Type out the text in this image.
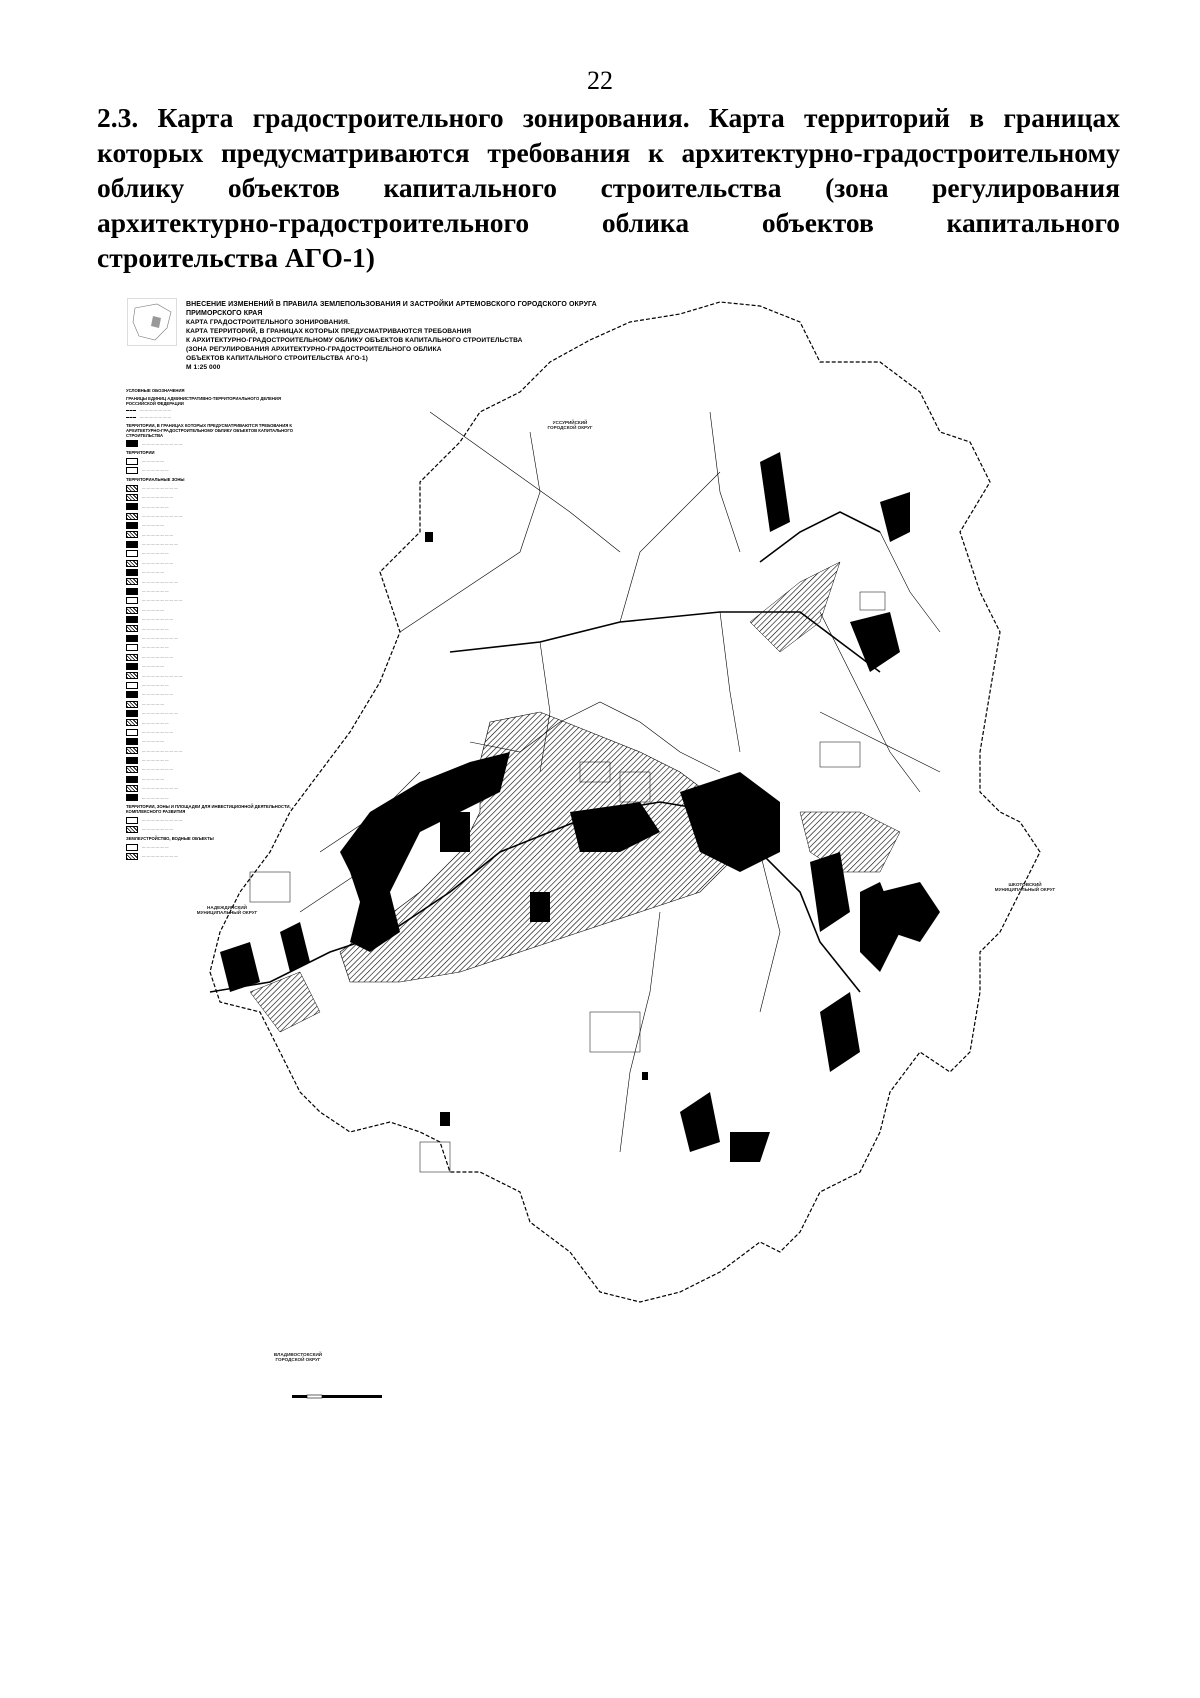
22
2.3. Карта градостроительного зонирования. Карта территорий в границах
которых предусматриваются требования к архитектурно-градостроительному
облику объектов капитального строительства (зона регулирования
архитектурно-градостроительного облика объектов капитального
строительства АГО-1)
ВНЕСЕНИЕ ИЗМЕНЕНИЙ В ПРАВИЛА ЗЕМЛЕПОЛЬЗОВАНИЯ И ЗАСТРОЙКИ АРТЕМОВСКОГО ГОРОДСКОГО ОКРУГА ПРИМОРСКОГО КРАЯ
КАРТА ГРАДОСТРОИТЕЛЬНОГО ЗОНИРОВАНИЯ.
КАРТА ТЕРРИТОРИЙ, В ГРАНИЦАХ КОТОРЫХ ПРЕДУСМАТРИВАЮТСЯ ТРЕБОВАНИЯ
К АРХИТЕКТУРНО-ГРАДОСТРОИТЕЛЬНОМУ ОБЛИКУ ОБЪЕКТОВ КАПИТАЛЬНОГО СТРОИТЕЛЬСТВА
(ЗОНА РЕГУЛИРОВАНИЯ АРХИТЕКТУРНО-ГРАДОСТРОИТЕЛЬНОГО ОБЛИКА
ОБЪЕКТОВ КАПИТАЛЬНОГО СТРОИТЕЛЬСТВА АГО-1)
М 1:25 000
УСЛОВНЫЕ ОБОЗНАЧЕНИЯ
ГРАНИЦЫ ЕДИНИЦ АДМИНИСТРАТИВНО-ТЕРРИТОРИАЛЬНОГО ДЕЛЕНИЯ РОССИЙСКОЙ ФЕДЕРАЦИИ
— — — — — — —
— — — — — — —
ТЕРРИТОРИИ, В ГРАНИЦАХ КОТОРЫХ ПРЕДУСМАТРИВАЮТСЯ ТРЕБОВАНИЯ К АРХИТЕКТУРНО-ГРАДОСТРОИТЕЛЬНОМУ ОБЛИКУ ОБЪЕКТОВ КАПИТАЛЬНОГО СТРОИТЕЛЬСТВА
— — — — — — — — —
ТЕРРИТОРИИ
— — — — —
— — — — — —
ТЕРРИТОРИАЛЬНЫЕ ЗОНЫ
— — — — — — — —
— — — — — — —
— — — — — —
— — — — — — — — —
— — — — —
— — — — — — —
— — — — — — — —
— — — — — —
— — — — — — —
— — — — —
— — — — — — — —
— — — — — —
— — — — — — — — —
— — — — —
— — — — — — —
— — — — — —
— — — — — — — —
— — — — — —
— — — — — — —
— — — — —
— — — — — — — — —
— — — — — —
— — — — — — —
— — — — —
— — — — — — — —
— — — — — —
— — — — — — —
— — — — —
— — — — — — — — —
— — — — — —
— — — — — — —
— — — — —
— — — — — — — —
— — — — — —
ТЕРРИТОРИИ, ЗОНЫ И ПЛОЩАДКИ ДЛЯ ИНВЕСТИЦИОННОЙ ДЕЯТЕЛЬНОСТИ, КОМПЛЕКСНОГО РАЗВИТИЯ
— — — — — — — — —
— — — — — — —
ЗЕМЛЕУСТРОЙСТВО, ВОДНЫЕ ОБЪЕКТЫ
— — — — — —
— — — — — — — —
УССУРИЙСКИЙ ГОРОДСКОЙ ОКРУГ
НАДЕЖДИНСКИЙ МУНИЦИПАЛЬНЫЙ ОКРУГ
ШКОТОВСКИЙ МУНИЦИПАЛЬНЫЙ ОКРУГ
ВЛАДИВОСТОКСКИЙ ГОРОДСКОЙ ОКРУГ
